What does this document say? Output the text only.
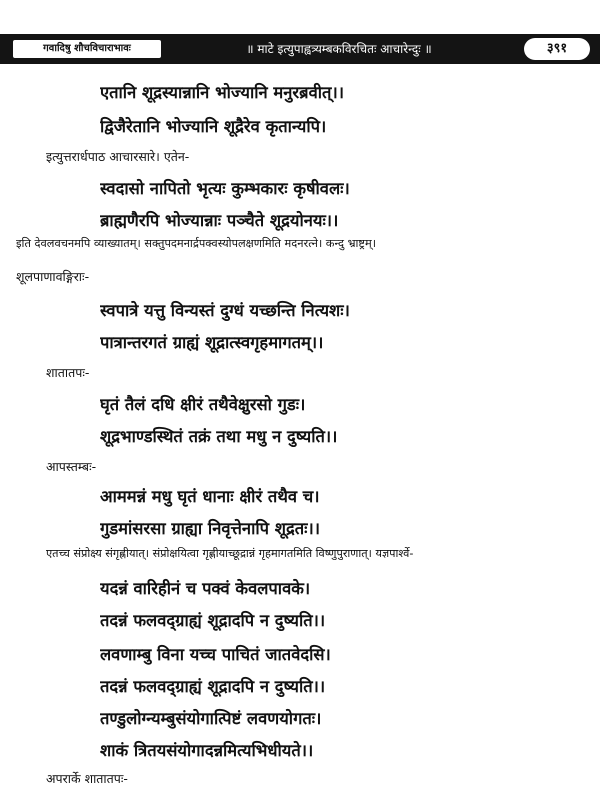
गवादिषु शौचविचाराभावः	॥ माटे इत्युपाह्वत्र्यम्बकविरचितः आचारेन्दुः ॥	३९१
एतानि शूद्रस्यान्नानि भोज्यानि मनुरब्रवीत्।।
द्विजैरेतानि भोज्यानि शूद्रैरेव कृतान्यपि।
इत्युत्तरार्धपाठ आचारसारे। एतेन-
स्वदासो नापितो भृत्यः कुम्भकारः कृषीवलः।
ब्राह्मणैरपि भोज्यान्नाः पञ्चैते शूद्रयोनयः।।
इति देवलवचनमपि व्याख्यातम्। सक्तुपदमनार्द्रपक्वस्योपलक्षणमिति मदनरत्ने। कन्दु भ्राष्ट्रम्।
शूलपाणावङ्गिराः-
स्वपात्रे यत्तु विन्यस्तं दुग्धं यच्छन्ति नित्यशः।
पात्रान्तरगतं ग्राह्यं शूद्रात्स्वगृहमागतम्।।
शातातपः-
घृतं तैलं दधि क्षीरं तथैवेक्षुरसो गुडः।
शूद्रभाण्डस्थितं तक्रं तथा मधु न दुष्यति।।
आपस्तम्बः-
आममन्नं मधु घृतं धानाः क्षीरं तथैव च।
गुडमांसरसा ग्राह्या निवृत्तेनापि शूद्रतः।।
एतच्च संप्रोक्ष्य संगृह्णीयात्। संप्रोक्षयित्वा गृह्णीयाच्छूद्रान्नं गृहमागतमिति विष्णुपुराणात्। यज्ञपार्श्वे-
यदन्नं वारिहीनं च पक्वं केवलपावके।
तदन्नं फलवद्ग्राह्यं शूद्रादपि न दुष्यति।।
लवणाम्बु विना यच्च पाचितं जातवेदसि।
तदन्नं फलवद्ग्राह्यं शूद्रादपि न दुष्यति।।
तण्डुलोग्न्यम्बुसंयोगात्पिष्टं लवणयोगतः।
शाकं त्रितयसंयोगादन्नमित्यभिधीयते।।
अपरार्के शातातपः-
